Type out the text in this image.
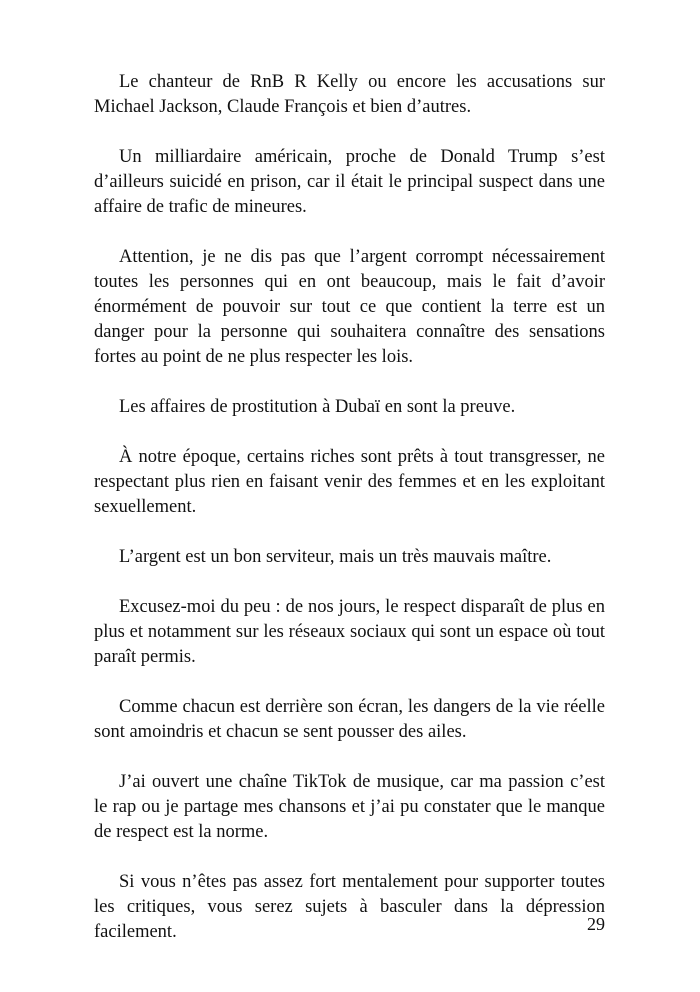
Le chanteur de RnB R Kelly ou encore les accusations sur Michael Jackson, Claude François et bien d’autres.

Un milliardaire américain, proche de Donald Trump s’est d’ailleurs suicidé en prison, car il était le principal suspect dans une affaire de trafic de mineures.

Attention, je ne dis pas que l’argent corrompt nécessairement toutes les personnes qui en ont beaucoup, mais le fait d’avoir énormément de pouvoir sur tout ce que contient la terre est un danger pour la personne qui souhaitera connaître des sensations fortes au point de ne plus respecter les lois.

Les affaires de prostitution à Dubaï en sont la preuve.

À notre époque, certains riches sont prêts à tout transgresser, ne respectant plus rien en faisant venir des femmes et en les exploitant sexuellement.

L’argent est un bon serviteur, mais un très mauvais maître.

Excusez-moi du peu : de nos jours, le respect disparaît de plus en plus et notamment sur les réseaux sociaux qui sont un espace où tout paraît permis.

Comme chacun est derrière son écran, les dangers de la vie réelle sont amoindris et chacun se sent pousser des ailes.

J’ai ouvert une chaîne TikTok de musique, car ma passion c’est le rap ou je partage mes chansons et j’ai pu constater que le manque de respect est la norme.

Si vous n’êtes pas assez fort mentalement pour supporter toutes les critiques, vous serez sujets à basculer dans la dépression facilement.	29
